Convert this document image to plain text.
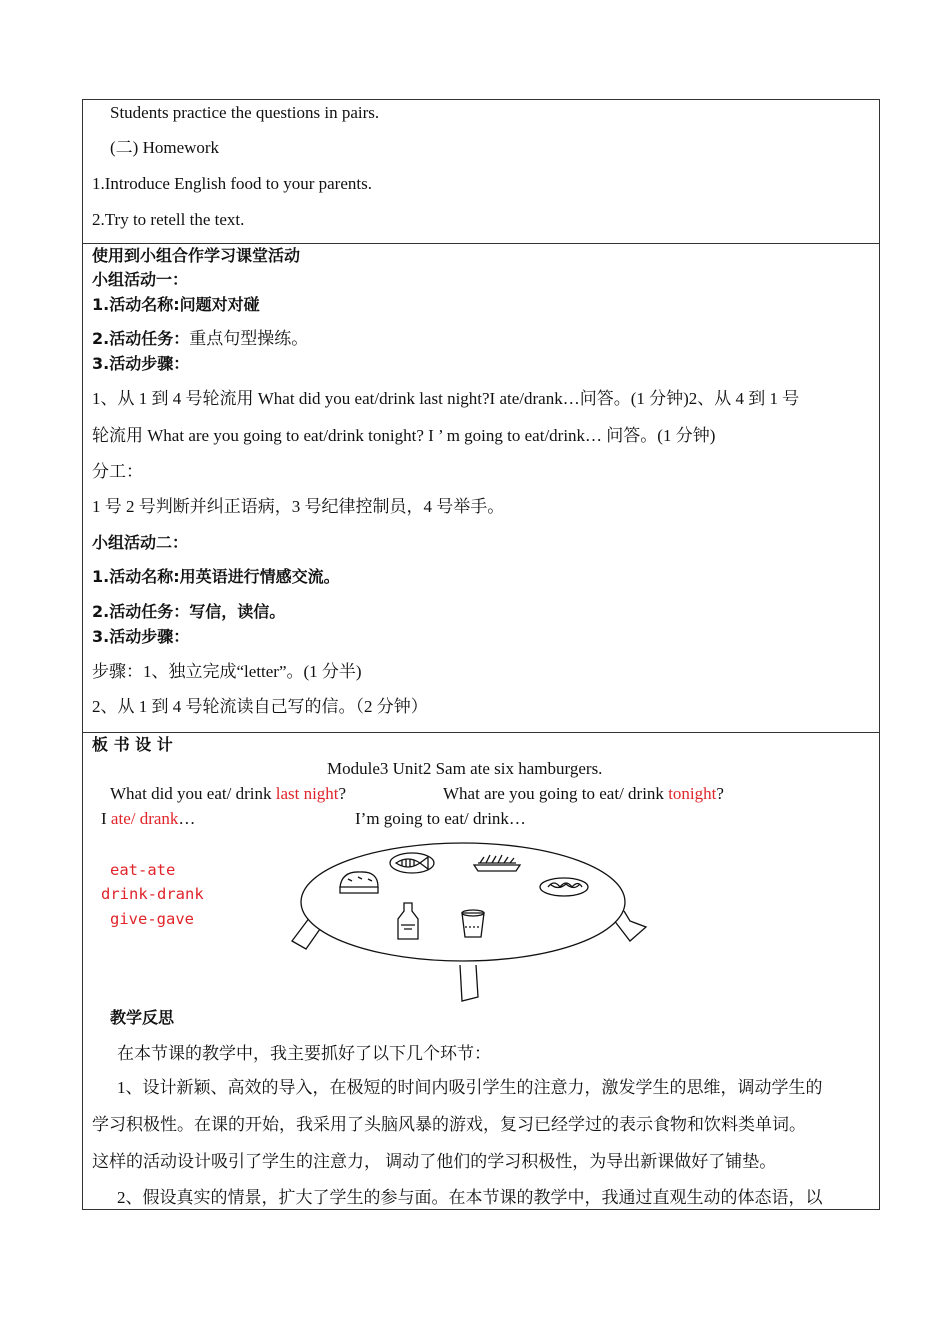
Students practice the questions in pairs.
(二) Homework
1.Introduce English food to your parents.
2.Try to retell the text.
使用到小组合作学习课堂活动
小组活动一：
1.活动名称:问题对对碰
2.活动任务：重点句型操练。
3.活动步骤：
1、从 1 到 4 号轮流用 What did you eat/drink last night?I ate/drank…问答。(1 分钟)2、从 4 到 1 号
轮流用 What are you going to eat/drink tonight? I ’ m going to eat/drink… 问答。(1 分钟)
分工：
1 号 2 号判断并纠正语病，3 号纪律控制员，4 号举手。
小组活动二：
1.活动名称:用英语进行情感交流。
2.活动任务：写信，读信。
3.活动步骤：
步骤：1、独立完成“letter”。(1 分半)
2、从 1 到 4 号轮流读自己写的信。（2 分钟）
板 书 设 计
Module3 Unit2 Sam ate six hamburgers.
What did you eat/ drink last night?	What are you going to eat/ drink tonight?
I ate/ drank…	I’m going to eat/ drink…
eat-ate
drink-drank
give-gave
教学反思
在本节课的教学中，我主要抓好了以下几个环节：
1、设计新颖、高效的导入，在极短的时间内吸引学生的注意力，激发学生的思维，调动学生的
学习积极性。在课的开始，我采用了头脑风暴的游戏，复习已经学过的表示食物和饮料类单词。
这样的活动设计吸引了学生的注意力， 调动了他们的学习积极性，为导出新课做好了铺垫。
2、假设真实的情景，扩大了学生的参与面。在本节课的教学中，我通过直观生动的体态语，以
